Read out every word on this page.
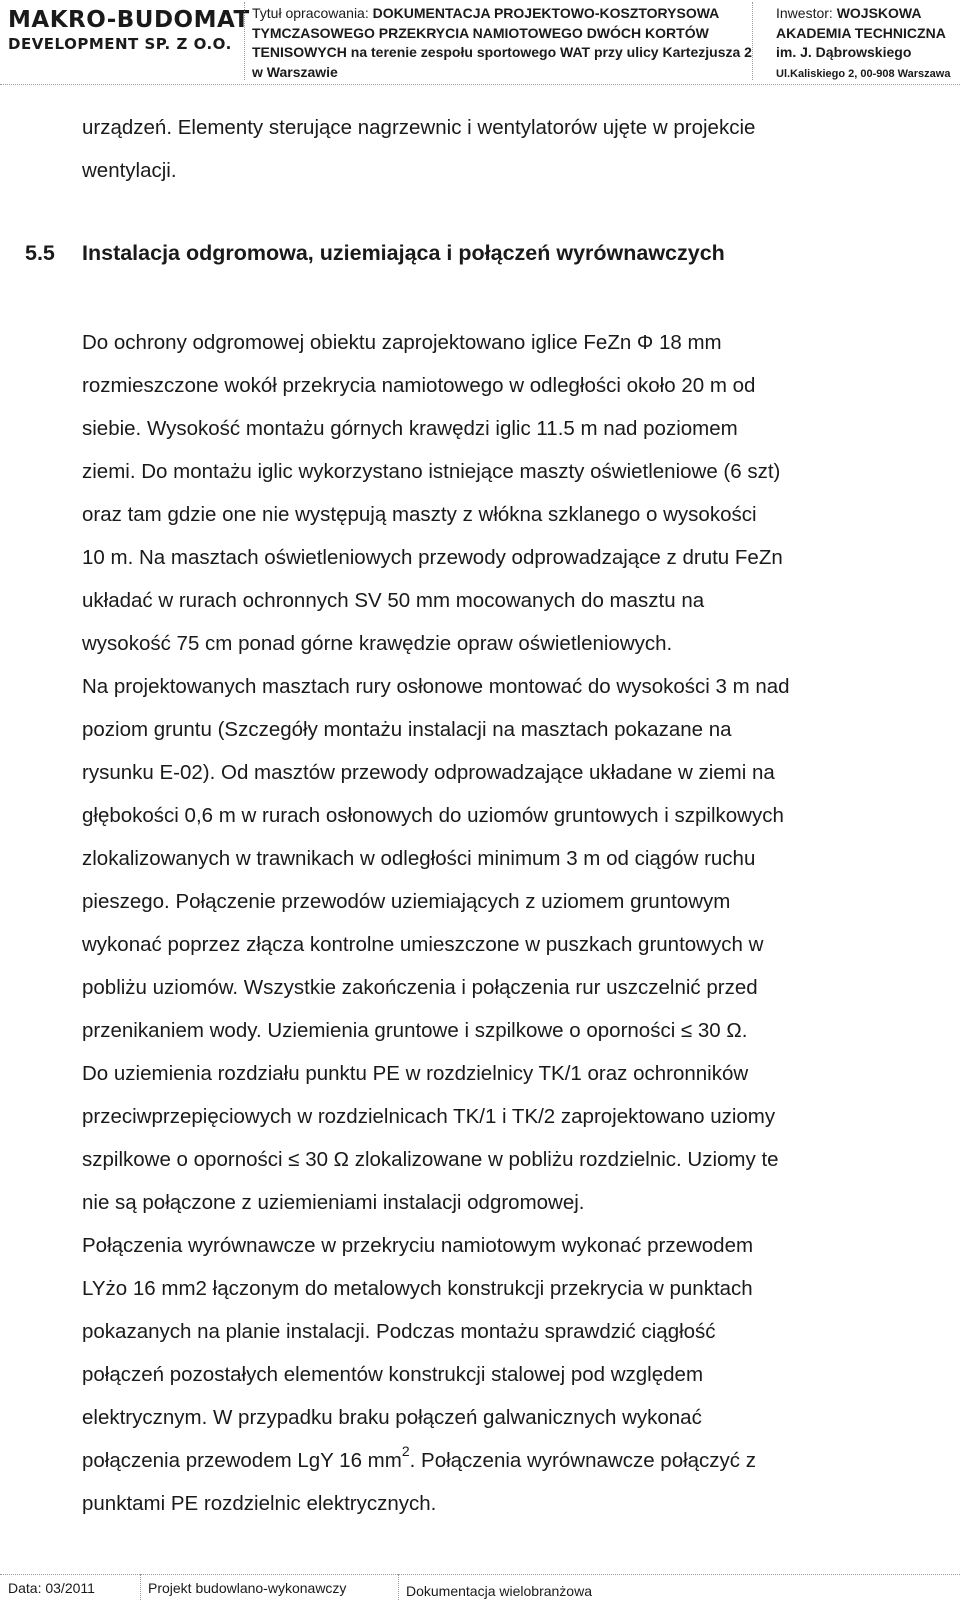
MAKRO-BUDOMAT
DEVELOPMENT SP. Z O.O.
Tytuł opracowania: DOKUMENTACJA PROJEKTOWO-KOSZTORYSOWA
TYMCZASOWEGO PRZEKRYCIA NAMIOTOWEGO DWÓCH KORTÓW
TENISOWYCH na terenie zespołu sportowego WAT przy ulicy Kartezjusza 2
w Warszawie
Inwestor: WOJSKOWA
AKADEMIA TECHNICZNA
im. J. Dąbrowskiego
Ul.Kaliskiego 2, 00-908 Warszawa
urządzeń. Elementy sterujące nagrzewnic i wentylatorów ujęte w projekcie
wentylacji.
5.5 Instalacja odgromowa, uziemiająca i połączeń wyrównawczych
Do ochrony odgromowej obiektu zaprojektowano iglice FeZn Φ 18 mm
rozmieszczone wokół przekrycia namiotowego w odległości około 20 m od
siebie. Wysokość montażu górnych krawędzi iglic 11.5 m nad poziomem
ziemi. Do montażu iglic wykorzystano istniejące maszty oświetleniowe (6 szt)
oraz tam gdzie one nie występują maszty z włókna szklanego o wysokości
10 m. Na masztach oświetleniowych przewody odprowadzające z drutu FeZn
układać w rurach ochronnych SV 50 mm mocowanych do masztu na
wysokość 75 cm ponad górne krawędzie opraw oświetleniowych.
Na projektowanych masztach rury osłonowe montować do wysokości 3 m nad
poziom gruntu (Szczegóły montażu instalacji na masztach pokazane na
rysunku E-02). Od masztów przewody odprowadzające układane w ziemi na
głębokości 0,6 m w rurach osłonowych do uziomów gruntowych i szpilkowych
zlokalizowanych w trawnikach w odległości minimum 3 m od ciągów ruchu
pieszego. Połączenie przewodów uziemiających z uziomem gruntowym
wykonać poprzez złącza kontrolne umieszczone w puszkach gruntowych w
pobliżu uziomów. Wszystkie zakończenia i połączenia rur uszczelnić przed
przenikaniem wody. Uziemienia gruntowe i szpilkowe o oporności ≤ 30 Ω.
Do uziemienia rozdziału punktu PE w rozdzielnicy TK/1 oraz ochronników
przeciwprzepięciowych w rozdzielnicach TK/1 i TK/2 zaprojektowano uziomy
szpilkowe o oporności ≤ 30 Ω zlokalizowane w pobliżu rozdzielnic. Uziomy te
nie są połączone z uziemieniami instalacji odgromowej.
Połączenia wyrównawcze w przekryciu namiotowym wykonać przewodem
LYżo 16 mm2 łączonym do metalowych konstrukcji przekrycia w punktach
pokazanych na planie instalacji. Podczas montażu sprawdzić ciągłość
połączeń pozostałych elementów konstrukcji stalowej pod względem
elektrycznym. W przypadku braku połączeń galwanicznych wykonać
połączenia przewodem LgY 16 $mm^2$. Połączenia wyrównawcze połączyć z
punktami PE rozdzielnic elektrycznych.
Data: 03/2011	Projekt budowlano-wykonawczy	Dokumentacja wielobranżowa
